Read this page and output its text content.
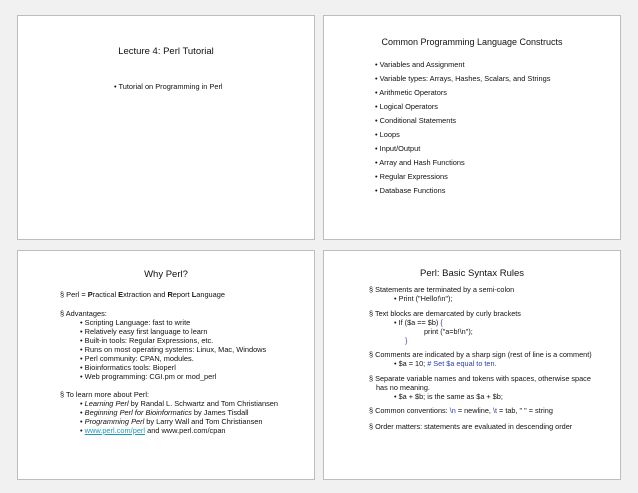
Lecture 4: Perl Tutorial

• Tutorial on Programming in Perl

Common Programming Language Constructs

• Variables and Assignment

• Variable types: Arrays, Hashes, Scalars, and Strings

• Arithmetic Operators

• Logical Operators

• Conditional Statements

• Loops

• Input/Output

• Array and Hash Functions

• Regular Expressions

• Database Functions

Why Perl?

§ Perl = Practical Extraction and Report Language

§ Advantages:

• Scripting Language: fast to write

• Relatively easy first language to learn

• Built-in tools: Regular Expressions, etc.

• Runs on most operating systems: Linux, Mac, Windows

• Perl community: CPAN, modules.

• Bioinformatics tools: Bioperl

• Web programming: CGI.pm or mod_perl

§ To learn more about Perl:

• Learning Perl by Randal L. Schwartz and Tom Christiansen

• Beginning Perl for Bioinformatics by James Tisdall

• Programming Perl by Larry Wall and Tom Christiansen

• www.perl.com/perl and www.perl.com/cpan

Perl: Basic Syntax Rules

§ Statements are terminated by a semi-colon

• Print ("Hello!\n");

§ Text blocks are demarcated by curly brackets

• If ($a == $b) {

print ("a=b!\n");

}

§ Comments are indicated by a sharp sign (rest of line is a comment)

• $a = 10; # Set $a equal to ten.

§ Separate variable names and tokens with spaces, otherwise space

has no meaning.

• $a + $b; is the same as $a + $b;

§ Common conventions: \n = newline, \t = tab, " " = string

§ Order matters: statements are evaluated in descending order
